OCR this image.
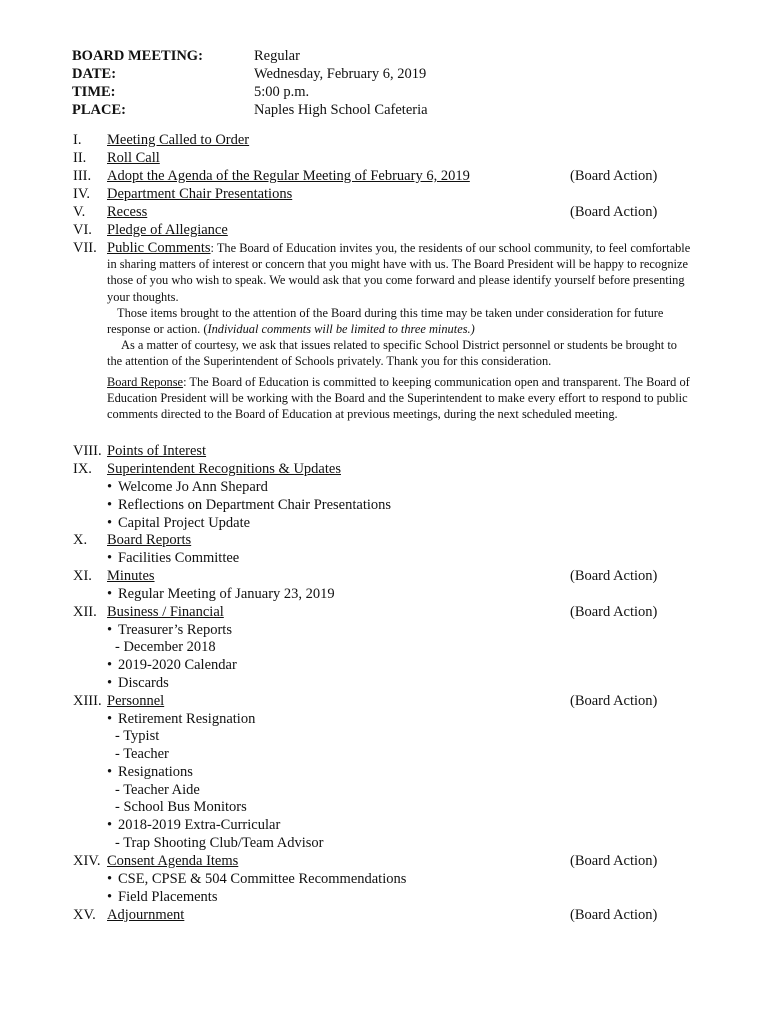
BOARD MEETING:	Regular
DATE:	Wednesday, February 6, 2019
TIME:	5:00 p.m.
PLACE:	Naples High School Cafeteria
I. Meeting Called to Order
II. Roll Call
III. Adopt the Agenda of the Regular Meeting of February 6, 2019	(Board Action)
IV. Department Chair Presentations
V. Recess	(Board Action)
VI. Pledge of Allegiance
VII. Public Comments: The Board of Education invites you, the residents of our school community, to feel comfortable in sharing matters of interest or concern that you might have with us. The Board President will be happy to recognize those of you who wish to speak. We would ask that you come forward and please identify yourself before presenting your thoughts.

Those items brought to the attention of the Board during this time may be taken under consideration for future response or action. (Individual comments will be limited to three minutes.)

As a matter of courtesy, we ask that issues related to specific School District personnel or students be brought to the attention of the Superintendent of Schools privately. Thank you for this consideration.

Board Reponse: The Board of Education is committed to keeping communication open and transparent. The Board of Education President will be working with the Board and the Superintendent to make every effort to respond to public comments directed to the Board of Education at previous meetings, during the next scheduled meeting.

VIII. Points of Interest
IX. Superintendent Recognitions & Updates
• Welcome Jo Ann Shepard
• Reflections on Department Chair Presentations
• Capital Project Update
X. Board Reports
• Facilities Committee
XI. Minutes	(Board Action)
• Regular Meeting of January 23, 2019
XII. Business / Financial	(Board Action)
• Treasurer’s Reports
- December 2018
• 2019-2020 Calendar
• Discards
XIII. Personnel	(Board Action)
• Retirement Resignation
- Typist
- Teacher
• Resignations
- Teacher Aide
- School Bus Monitors
• 2018-2019 Extra-Curricular
- Trap Shooting Club/Team Advisor
XIV. Consent Agenda Items	(Board Action)
• CSE, CPSE & 504 Committee Recommendations
• Field Placements
XV. Adjournment	(Board Action)
